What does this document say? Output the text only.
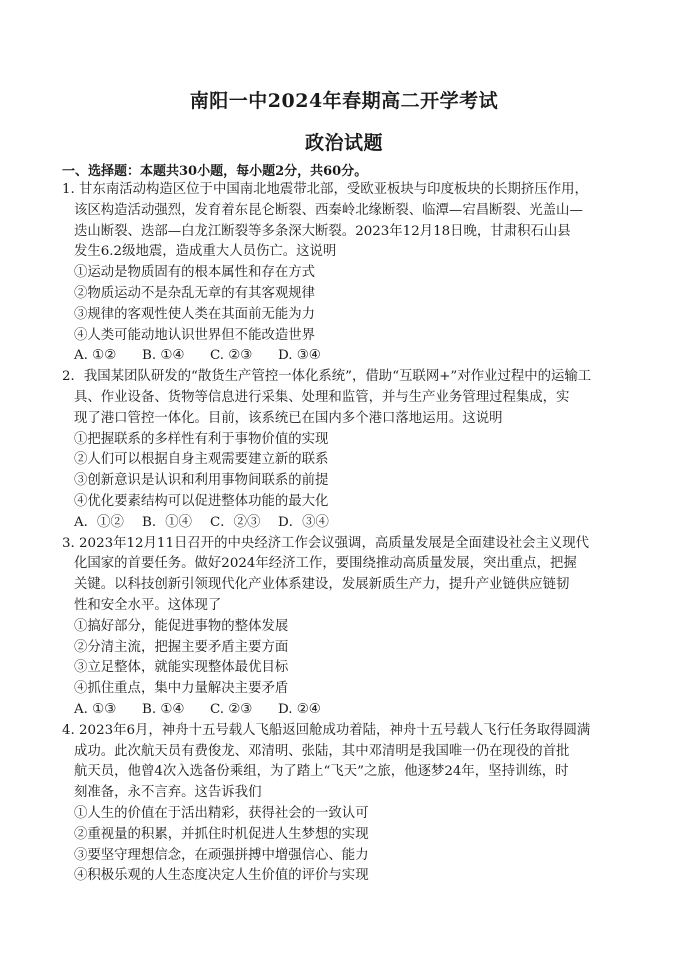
南阳一中2024年春期高二开学考试
政治试题
一、选择题：本题共30小题，每小题2分，共60分。
1. 甘东南活动构造区位于中国南北地震带北部，受欧亚板块与印度板块的长期挤压作用，
该区构造活动强烈，发育着东昆仑断裂、西秦岭北缘断裂、临潭—宕昌断裂、光盖山—
迭山断裂、迭部—白龙江断裂等多条深大断裂。2023年12月18日晚，甘肃积石山县
发生6.2级地震，造成重大人员伤亡。这说明
①运动是物质固有的根本属性和存在方式
②物质运动不是杂乱无章的有其客观规律
③规律的客观性使人类在其面前无能为力
④人类可能动地认识世界但不能改造世界
A. ①②	B. ①④	C. ②③	D. ③④
2．我国某团队研发的“散货生产管控一体化系统”，借助“互联网+”对作业过程中的运输工
具、作业设备、货物等信息进行采集、处理和监管，并与生产业务管理过程集成，实
现了港口管控一体化。目前，该系统已在国内多个港口落地运用。这说明
①把握联系的多样性有利于事物价值的实现
②人们可以根据自身主观需要建立新的联系
③创新意识是认识和利用事物间联系的前提
④优化要素结构可以促进整体功能的最大化
A．①②	B．①④	C．②③	D．③④
3. 2023年12月11日召开的中央经济工作会议强调，高质量发展是全面建设社会主义现代
化国家的首要任务。做好2024年经济工作，要围绕推动高质量发展，突出重点，把握
关键。以科技创新引领现代化产业体系建设，发展新质生产力，提升产业链供应链韧
性和安全水平。这体现了
①搞好部分，能促进事物的整体发展
②分清主流，把握主要矛盾主要方面
③立足整体，就能实现整体最优目标
④抓住重点，集中力量解决主要矛盾
A. ①③	B. ①④	C. ②③	D. ②④
4. 2023年6月，神舟十五号载人飞船返回舱成功着陆，神舟十五号载人飞行任务取得圆满
成功。此次航天员有费俊龙、邓清明、张陆，其中邓清明是我国唯一仍在现役的首批
航天员，他曾4次入选备份乘组，为了踏上“飞天”之旅，他逐梦24年，坚持训练，时
刻准备，永不言弃。这告诉我们
①人生的价值在于活出精彩，获得社会的一致认可
②重视量的积累，并抓住时机促进人生梦想的实现
③要坚守理想信念，在顽强拼搏中增强信心、能力
④积极乐观的人生态度决定人生价值的评价与实现
